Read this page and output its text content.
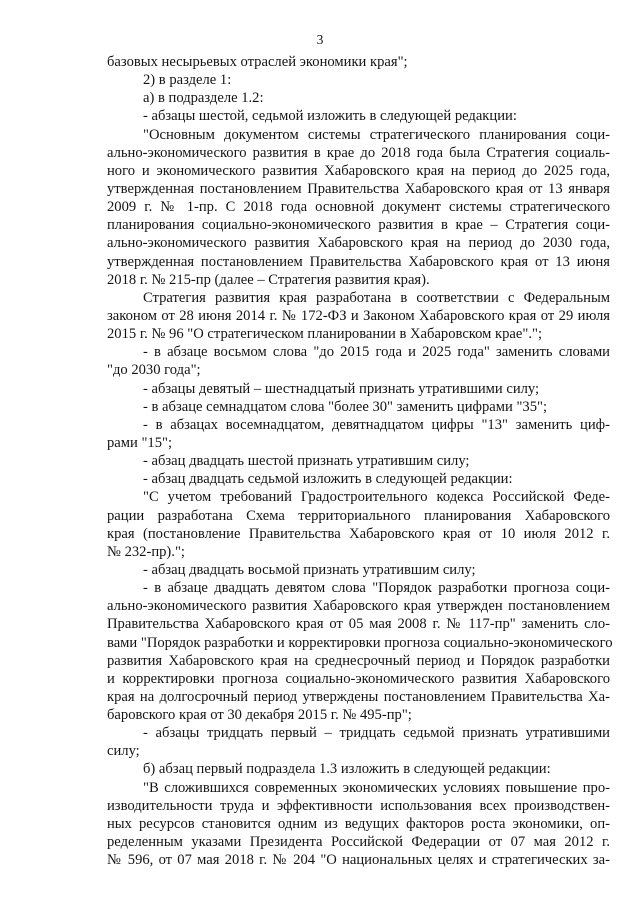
3
базовых несырьевых отраслей экономики края";
2) в разделе 1:
а) в подразделе 1.2:
- абзацы шестой, седьмой изложить в следующей редакции:
"Основным документом системы стратегического планирования соци-
ально-экономического развития в крае до 2018 года была Стратегия социаль-
ного и экономического развития Хабаровского края на период до 2025 года,
утвержденная постановлением Правительства Хабаровского края от 13 января
2009 г. № 1-пр. С 2018 года основной документ системы стратегического
планирования социально-экономического развития в крае – Стратегия соци-
ально-экономического развития Хабаровского края на период до 2030 года,
утвержденная постановлением Правительства Хабаровского края от 13 июня
2018 г. № 215-пр (далее – Стратегия развития края).
Стратегия развития края разработана в соответствии с Федеральным
законом от 28 июня 2014 г. № 172-ФЗ и Законом Хабаровского края от 29 июля
2015 г. № 96 "О стратегическом планировании в Хабаровском крае".";
- в абзаце восьмом слова "до 2015 года и 2025 года" заменить словами
"до 2030 года";
- абзацы девятый – шестнадцатый признать утратившими силу;
- в абзаце семнадцатом слова "более 30" заменить цифрами "35";
- в абзацах восемнадцатом, девятнадцатом цифры "13" заменить циф-
рами "15";
- абзац двадцать шестой признать утратившим силу;
- абзац двадцать седьмой изложить в следующей редакции:
"С учетом требований Градостроительного кодекса Российской Феде-
рации разработана Схема территориального планирования Хабаровского
края (постановление Правительства Хабаровского края от 10 июля 2012 г.
№ 232-пр).";
- абзац двадцать восьмой признать утратившим силу;
- в абзаце двадцать девятом слова "Порядок разработки прогноза соци-
ально-экономического развития Хабаровского края утвержден постановлением
Правительства Хабаровского края от 05 мая 2008 г. № 117-пр" заменить сло-
вами "Порядок разработки и корректировки прогноза социально-экономического
развития Хабаровского края на среднесрочный период и Порядок разработки
и корректировки прогноза социально-экономического развития Хабаровского
края на долгосрочный период утверждены постановлением Правительства Ха-
баровского края от 30 декабря 2015 г. № 495-пр";
- абзацы тридцать первый – тридцать седьмой признать утратившими
силу;
б) абзац первый подраздела 1.3 изложить в следующей редакции:
"В сложившихся современных экономических условиях повышение про-
изводительности труда и эффективности использования всех производствен-
ных ресурсов становится одним из ведущих факторов роста экономики, оп-
ределенным указами Президента Российской Федерации от 07 мая 2012 г.
№ 596, от 07 мая 2018 г. № 204 "О национальных целях и стратегических за-
